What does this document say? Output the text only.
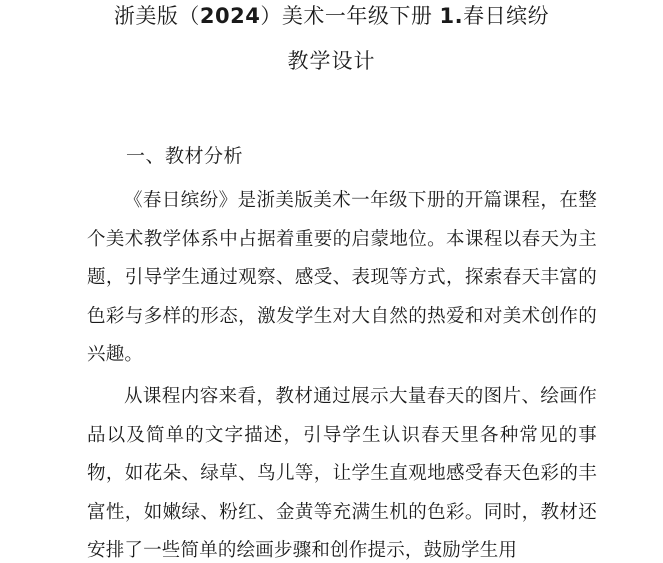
浙美版（2024）美术一年级下册 1.春日缤纷
教学设计
一、教材分析

《春日缤纷》是浙美版美术一年级下册的开篇课程，在整个美术教学体系中占据着重要的启蒙地位。本课程以春天为主题，引导学生通过观察、感受、表现等方式，探索春天丰富的色彩与多样的形态，激发学生对大自然的热爱和对美术创作的兴趣。

从课程内容来看，教材通过展示大量春天的图片、绘画作品以及简单的文字描述，引导学生认识春天里各种常见的事物，如花朵、绿草、鸟儿等，让学生直观地感受春天色彩的丰富性，如嫩绿、粉红、金黄等充满生机的色彩。同时，教材还安排了一些简单的绘画步骤和创作提示，鼓励学生用
